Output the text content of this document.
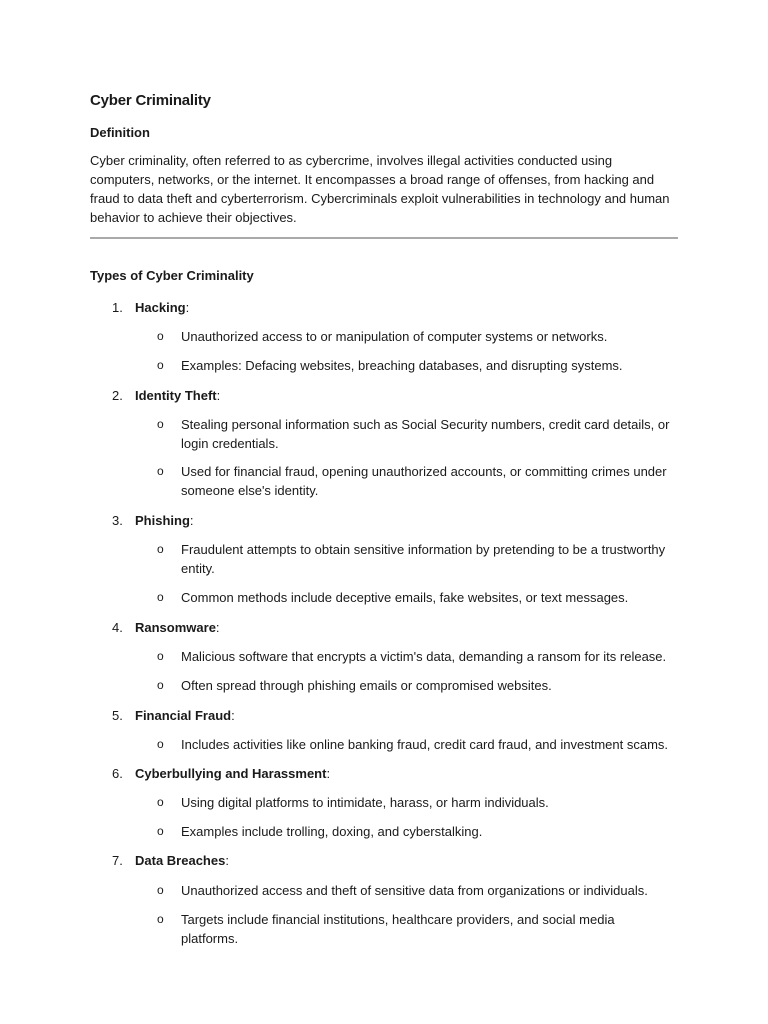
Cyber Criminality
Definition
Cyber criminality, often referred to as cybercrime, involves illegal activities conducted using computers, networks, or the internet. It encompasses a broad range of offenses, from hacking and fraud to data theft and cyberterrorism. Cybercriminals exploit vulnerabilities in technology and human behavior to achieve their objectives.
Types of Cyber Criminality
1. Hacking:
o Unauthorized access to or manipulation of computer systems or networks.
o Examples: Defacing websites, breaching databases, and disrupting systems.
2. Identity Theft:
o Stealing personal information such as Social Security numbers, credit card details, or login credentials.
o Used for financial fraud, opening unauthorized accounts, or committing crimes under someone else's identity.
3. Phishing:
o Fraudulent attempts to obtain sensitive information by pretending to be a trustworthy entity.
o Common methods include deceptive emails, fake websites, or text messages.
4. Ransomware:
o Malicious software that encrypts a victim's data, demanding a ransom for its release.
o Often spread through phishing emails or compromised websites.
5. Financial Fraud:
o Includes activities like online banking fraud, credit card fraud, and investment scams.
6. Cyberbullying and Harassment:
o Using digital platforms to intimidate, harass, or harm individuals.
o Examples include trolling, doxing, and cyberstalking.
7. Data Breaches:
o Unauthorized access and theft of sensitive data from organizations or individuals.
o Targets include financial institutions, healthcare providers, and social media platforms.
